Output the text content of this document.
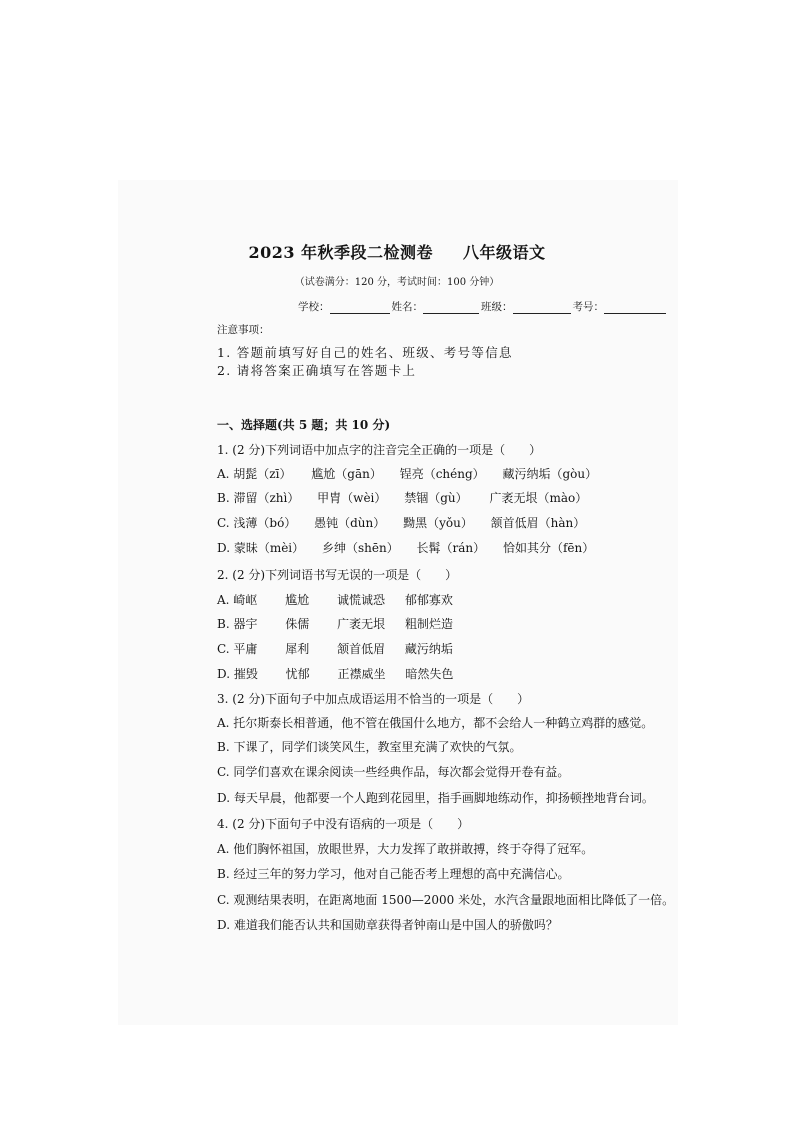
2023 年秋季段二检测卷 八年级语文
（试卷满分：120 分，考试时间：100 分钟）
学校：	姓名：	班级：	考号：
注意事项：
1. 答题前填写好自己的姓名、班级、考号等信息
2. 请将答案正确填写在答题卡上
一、选择题(共 5 题；共 10 分)
1. (2 分)下列词语中加点字的注音完全正确的一项是（　　）
A. 胡髭（zī） 尴尬（gān） 锃亮（chéng） 藏污纳垢（gòu）
B. 滞留（zhì） 甲胄（wèi） 禁锢（gù） 广袤无垠（mào）
C. 浅薄（bó） 愚钝（dùn） 黝黑（yǒu） 颔首低眉（hàn）
D. 蒙昧（mèi） 乡绅（shēn） 长髯（rán） 恰如其分（fēn）
2. (2 分)下列词语书写无误的一项是（　　）
A. 崎岖 尴尬 诚慌诚恐 郁郁寡欢
B. 器宇 侏儒 广袤无垠 粗制烂造
C. 平庸 犀利 颔首低眉 藏污纳垢
D. 摧毁 忧郁 正襟威坐 暗然失色
3. (2 分)下面句子中加点成语运用不恰当的一项是（　　）
A. 托尔斯泰长相普通，他不管在俄国什么地方，都不会给人一种鹤立鸡群的感觉。
B. 下课了，同学们谈笑风生，教室里充满了欢快的气氛。
C. 同学们喜欢在课余阅读一些经典作品，每次都会觉得开卷有益。
D. 每天早晨，他都要一个人跑到花园里，指手画脚地练动作，抑扬顿挫地背台词。
4. (2 分)下面句子中没有语病的一项是（　　）
A. 他们胸怀祖国，放眼世界，大力发挥了敢拼敢搏，终于夺得了冠军。
B. 经过三年的努力学习，他对自己能否考上理想的高中充满信心。
C. 观测结果表明，在距离地面 1500—2000 米处，水汽含量跟地面相比降低了一倍。
D. 难道我们能否认共和国勋章获得者钟南山是中国人的骄傲吗？
